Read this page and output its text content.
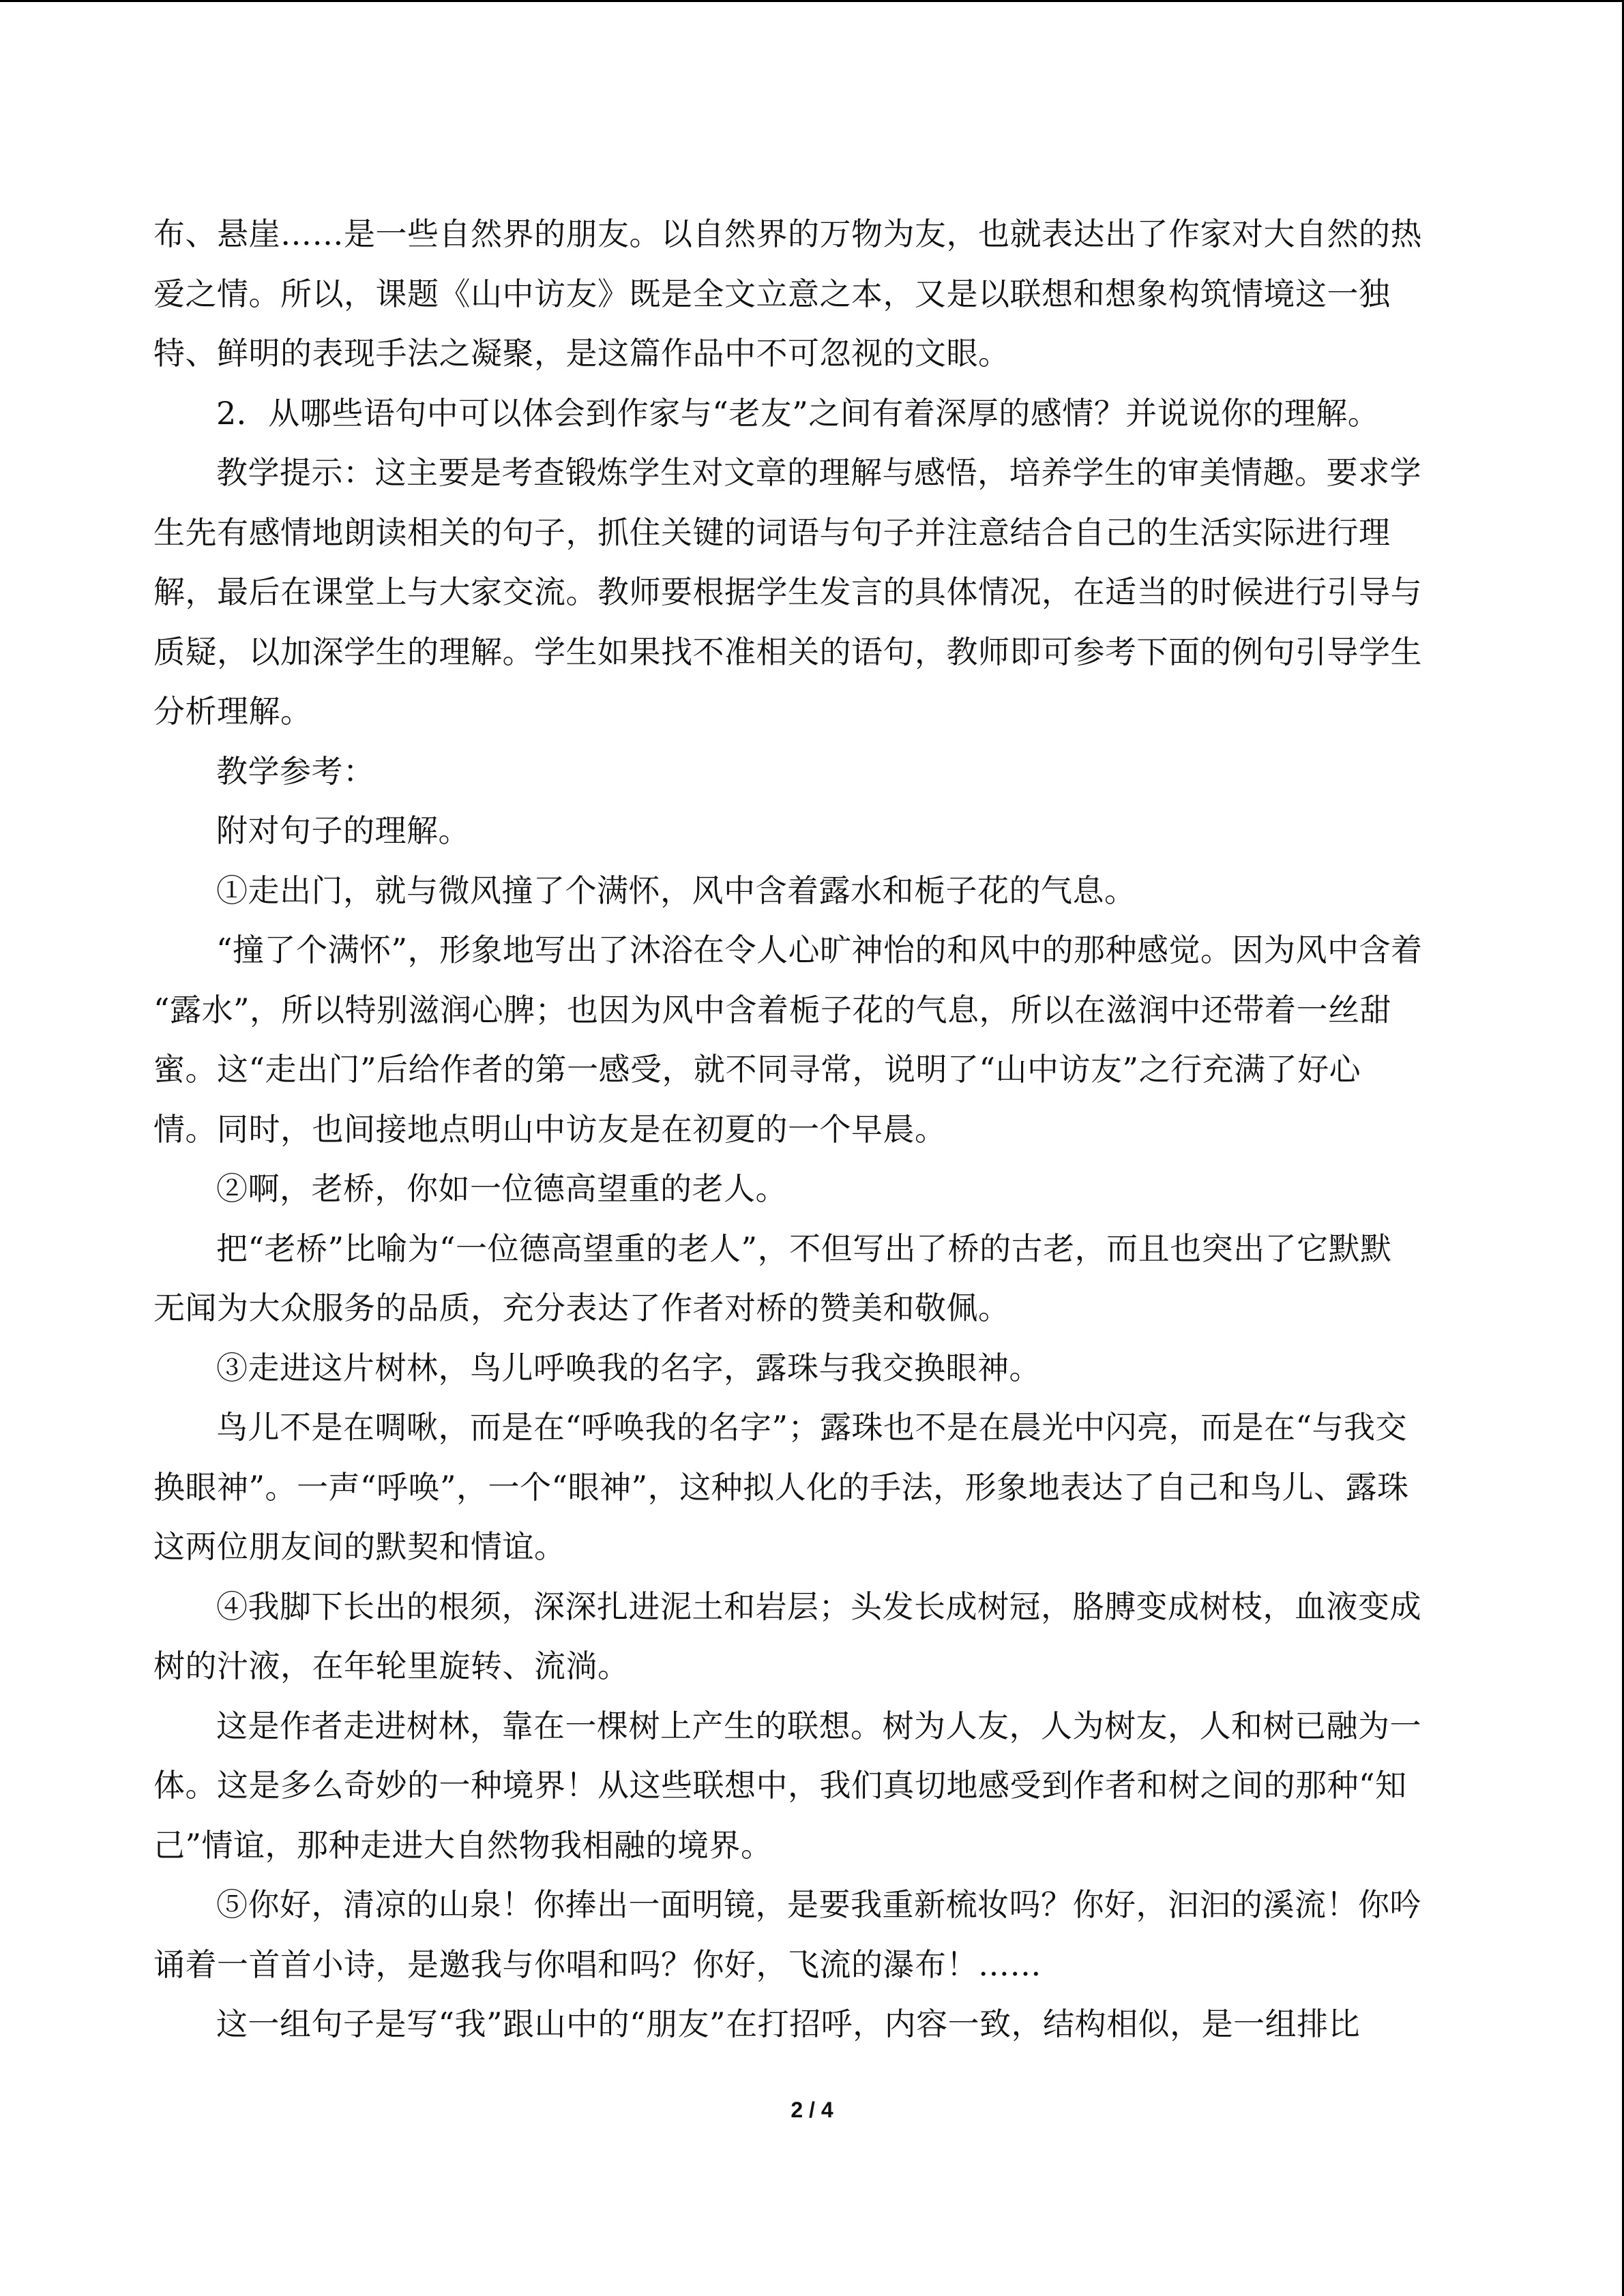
布、悬崖……是一些自然界的朋友。以自然界的万物为友，也就表达出了作家对大自然的热

爱之情。所以，课题《山中访友》既是全文立意之本，又是以联想和想象构筑情境这一独

特、鲜明的表现手法之凝聚，是这篇作品中不可忽视的文眼。

2．从哪些语句中可以体会到作家与“老友”之间有着深厚的感情？并说说你的理解。

教学提示：这主要是考查锻炼学生对文章的理解与感悟，培养学生的审美情趣。要求学

生先有感情地朗读相关的句子，抓住关键的词语与句子并注意结合自己的生活实际进行理

解，最后在课堂上与大家交流。教师要根据学生发言的具体情况，在适当的时候进行引导与

质疑，以加深学生的理解。学生如果找不准相关的语句，教师即可参考下面的例句引导学生

分析理解。

教学参考：

附对句子的理解。

①走出门，就与微风撞了个满怀，风中含着露水和栀子花的气息。

“撞了个满怀”，形象地写出了沐浴在令人心旷神怡的和风中的那种感觉。因为风中含着

“露水”，所以特别滋润心脾；也因为风中含着栀子花的气息，所以在滋润中还带着一丝甜

蜜。这“走出门”后给作者的第一感受，就不同寻常，说明了“山中访友”之行充满了好心

情。同时，也间接地点明山中访友是在初夏的一个早晨。

②啊，老桥，你如一位德高望重的老人。

把“老桥”比喻为“一位德高望重的老人”，不但写出了桥的古老，而且也突出了它默默

无闻为大众服务的品质，充分表达了作者对桥的赞美和敬佩。

③走进这片树林，鸟儿呼唤我的名字，露珠与我交换眼神。

鸟儿不是在啁啾，而是在“呼唤我的名字”；露珠也不是在晨光中闪亮，而是在“与我交

换眼神”。一声“呼唤”，一个“眼神”，这种拟人化的手法，形象地表达了自己和鸟儿、露珠

这两位朋友间的默契和情谊。

④我脚下长出的根须，深深扎进泥土和岩层；头发长成树冠，胳膊变成树枝，血液变成

树的汁液，在年轮里旋转、流淌。

这是作者走进树林，靠在一棵树上产生的联想。树为人友，人为树友，人和树已融为一

体。这是多么奇妙的一种境界！从这些联想中，我们真切地感受到作者和树之间的那种“知

己”情谊，那种走进大自然物我相融的境界。

⑤你好，清凉的山泉！你捧出一面明镜，是要我重新梳妆吗？你好，汩汩的溪流！你吟

诵着一首首小诗，是邀我与你唱和吗？你好，飞流的瀑布！……

这一组句子是写“我”跟山中的“朋友”在打招呼，内容一致，结构相似，是一组排比

2 / 4
